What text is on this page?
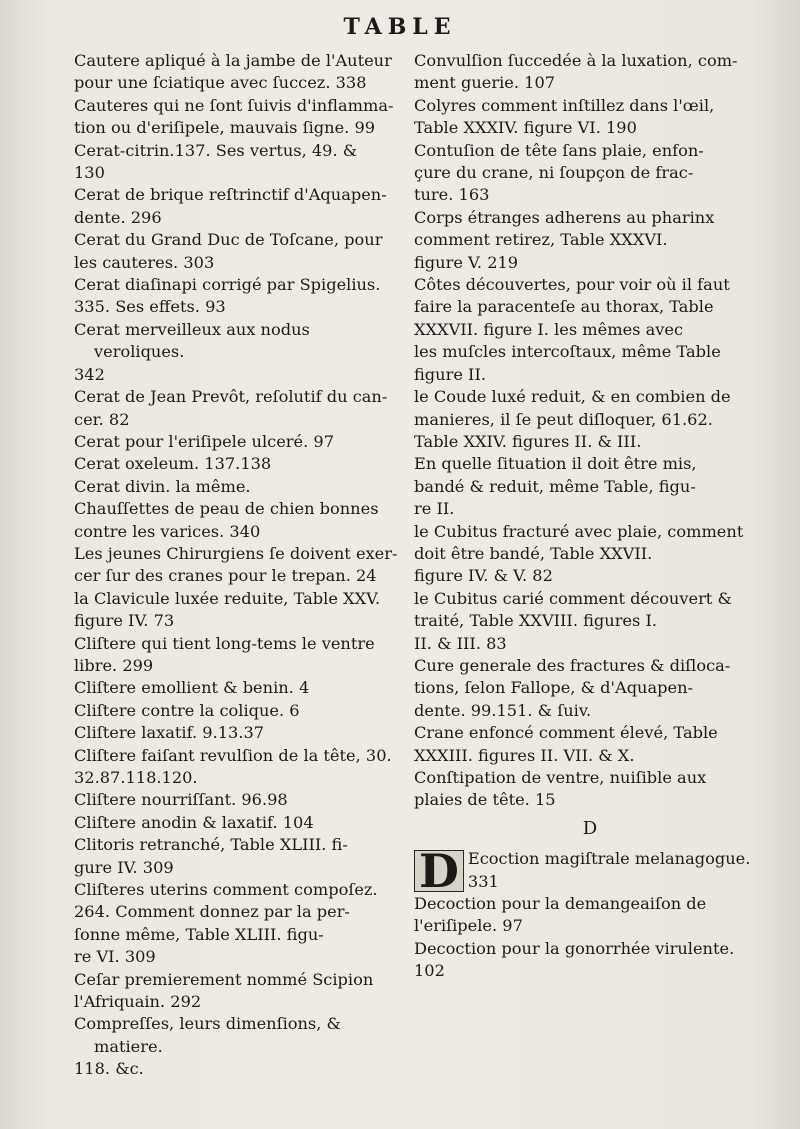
TABLE
Cautere apliqué à la jambe de l'Auteur
pour une ſciatique avec ſuccez. 338
Cauteres qui ne ſont ſuivis d'inflamma-
tion ou d'eriſipele, mauvais ſigne. 99
Cerat-citrin.137. Ses vertus, 49. &
130
Cerat de brique reſtrinctif d'Aquapen-
dente. 296
Cerat du Grand Duc de Toſcane, pour
les cauteres. 303
Cerat diaſinapi corrigé par Spigelius.
335. Ses effets. 93
Cerat merveilleux aux nodus veroliques.
342
Cerat de Jean Prevôt, reſolutif du can-
cer. 82
Cerat pour l'eriſipele ulceré. 97
Cerat oxeleum. 137.138
Cerat divin. la même.
Chauſſettes de peau de chien bonnes
contre les varices. 340
Les jeunes Chirurgiens ſe doivent exer-
cer ſur des cranes pour le trepan. 24
la Clavicule luxée reduite, Table XXV.
figure IV. 73
Cliſtere qui tient long-tems le ventre
libre. 299
Cliſtere emollient & benin. 4
Cliſtere contre la colique. 6
Cliſtere laxatif. 9.13.37
Cliſtere faiſant revulſion de la tête, 30.
32.87.118.120.
Cliſtere nourriſſant. 96.98
Cliſtere anodin & laxatif. 104
Clitoris retranché, Table XLIII. fi-
gure IV. 309
Cliſteres uterins comment compoſez.
264. Comment donnez par la per-
ſonne même, Table XLIII. figu-
re VI. 309
Ceſar premierement nommé Scipion
l'Afriquain. 292
Compreſſes, leurs dimenſions, & matiere.
118. &c.
Convulſion ſuccedée à la luxation, com-
ment guerie. 107
Colyres comment inſtillez dans l'œil,
Table XXXIV. figure VI. 190
Contuſion de tête ſans plaie, enfon-
çure du crane, ni ſoupçon de frac-
ture. 163
Corps étranges adherens au pharinx
comment retirez, Table XXXVI.
figure V. 219
Côtes découvertes, pour voir où il faut
faire la paracenteſe au thorax, Table
XXXVII. figure I. les mêmes avec
les muſcles intercoſtaux, même Table
figure II.
le Coude luxé reduit, & en combien de
manieres, il ſe peut diſloquer, 61.62.
Table XXIV. figures II. & III.
En quelle ſituation il doit être mis,
bandé & reduit, même Table, figu-
re II.
le Cubitus fracturé avec plaie, comment
doit être bandé, Table XXVII.
figure IV. & V. 82
le Cubitus carié comment découvert &
traité, Table XXVIII. figures I.
II. & III. 83
Cure generale des fractures & diſloca-
tions, ſelon Fallope, & d'Aquapen-
dente. 99.151. & ſuiv.
Crane enfoncé comment élevé, Table
XXXIII. figures II. VII. & X.
Conſtipation de ventre, nuiſible aux
plaies de tête. 15
D
D Ecoction magiſtrale melanagogue.
331
Decoction pour la demangeaiſon de
l'eriſipele. 97
Decoction pour la gonorrhée virulente.
102
